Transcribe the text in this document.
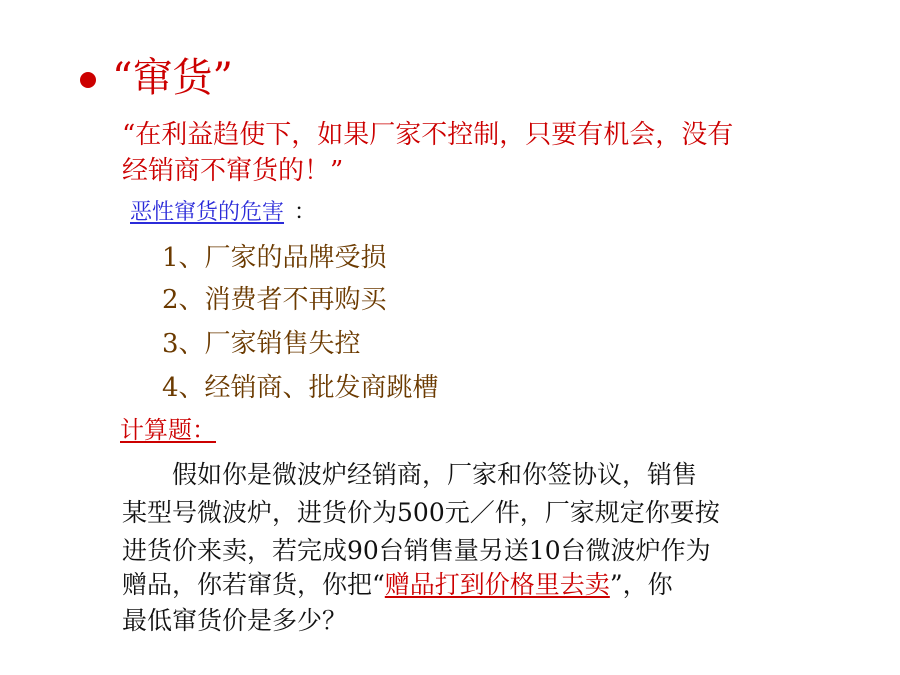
“窜货”
“在利益趋使下，如果厂家不控制，只要有机会，没有
经销商不窜货的！”
恶性窜货的危害 ：
1、厂家的品牌受损
2、消费者不再购买
3、厂家销售失控
4、经销商、批发商跳槽
计算题：
　　假如你是微波炉经销商，厂家和你签协议，销售
某型号微波炉，进货价为500元／件，厂家规定你要按
进货价来卖，若完成90台销售量另送10台微波炉作为
赠品，你若窜货，你把“赠品打到价格里去卖”，你
最低窜货价是多少？
